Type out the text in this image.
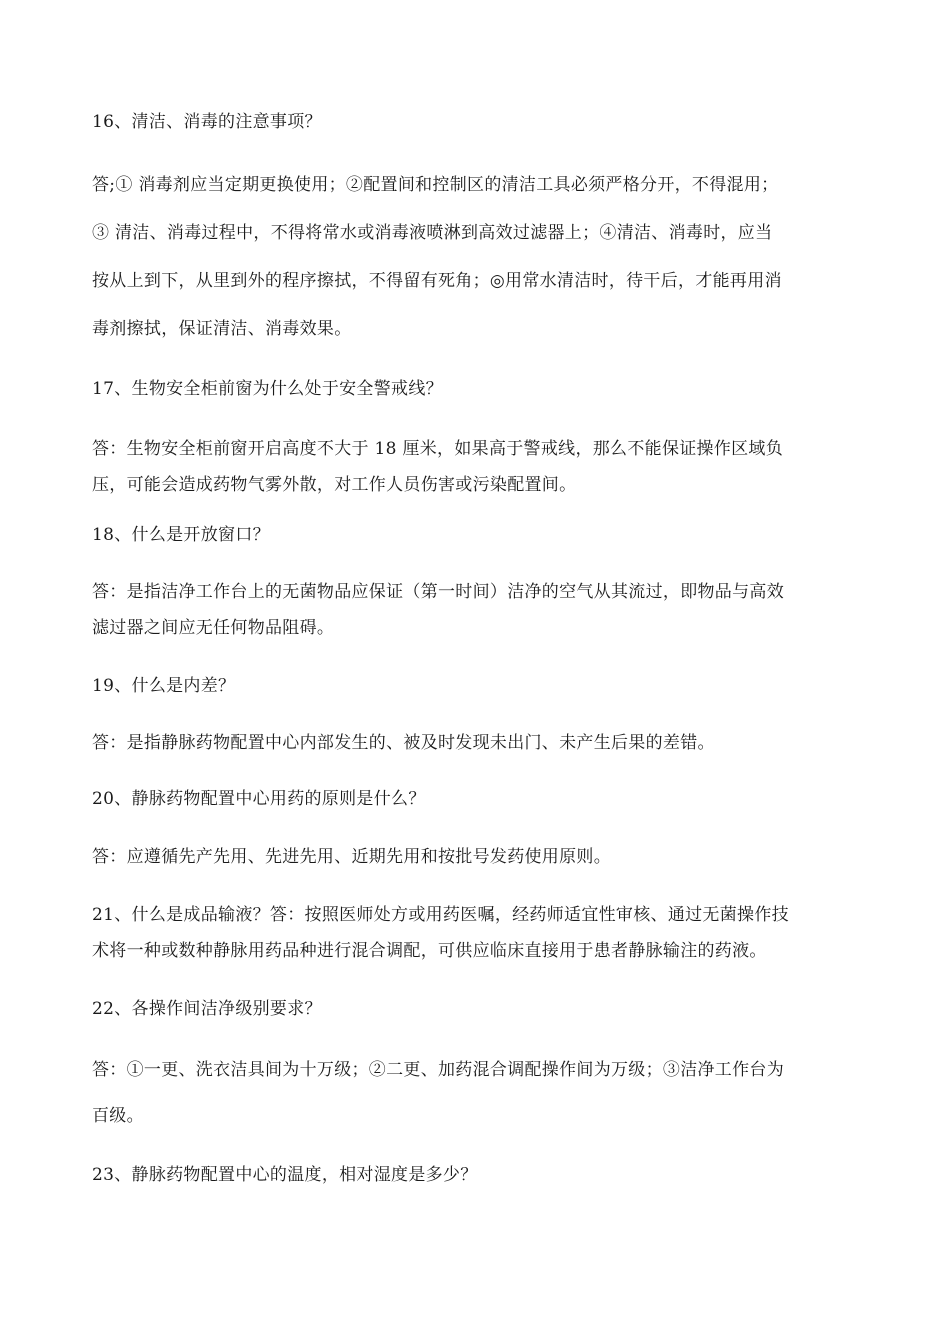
16、清洁、消毒的注意事项？
答;① 消毒剂应当定期更换使用；②配置间和控制区的清洁工具必须严格分开，不得混用；
③ 清洁、消毒过程中，不得将常水或消毒液喷淋到高效过滤器上；④清洁、消毒时，应当
按从上到下，从里到外的程序擦拭，不得留有死角；◎用常水清洁时，待干后，才能再用消
毒剂擦拭，保证清洁、消毒效果。
17、生物安全柜前窗为什么处于安全警戒线？
答：生物安全柜前窗开启高度不大于 18 厘米，如果高于警戒线，那么不能保证操作区域负
压，可能会造成药物气雾外散，对工作人员伤害或污染配置间。
18、什么是开放窗口？
答：是指洁净工作台上的无菌物品应保证（第一时间）洁净的空气从其流过，即物品与高效
滤过器之间应无任何物品阻碍。
19、什么是内差？
答：是指静脉药物配置中心内部发生的、被及时发现未出门、未产生后果的差错。
20、静脉药物配置中心用药的原则是什么？
答：应遵循先产先用、先进先用、近期先用和按批号发药使用原则。
21、什么是成品输液？答：按照医师处方或用药医嘱，经药师适宜性审核、通过无菌操作技
术将一种或数种静脉用药品种进行混合调配，可供应临床直接用于患者静脉输注的药液。
22、各操作间洁净级别要求？
答：①一更、洗衣洁具间为十万级；②二更、加药混合调配操作间为万级；③洁净工作台为
百级。
23、静脉药物配置中心的温度，相对湿度是多少？
